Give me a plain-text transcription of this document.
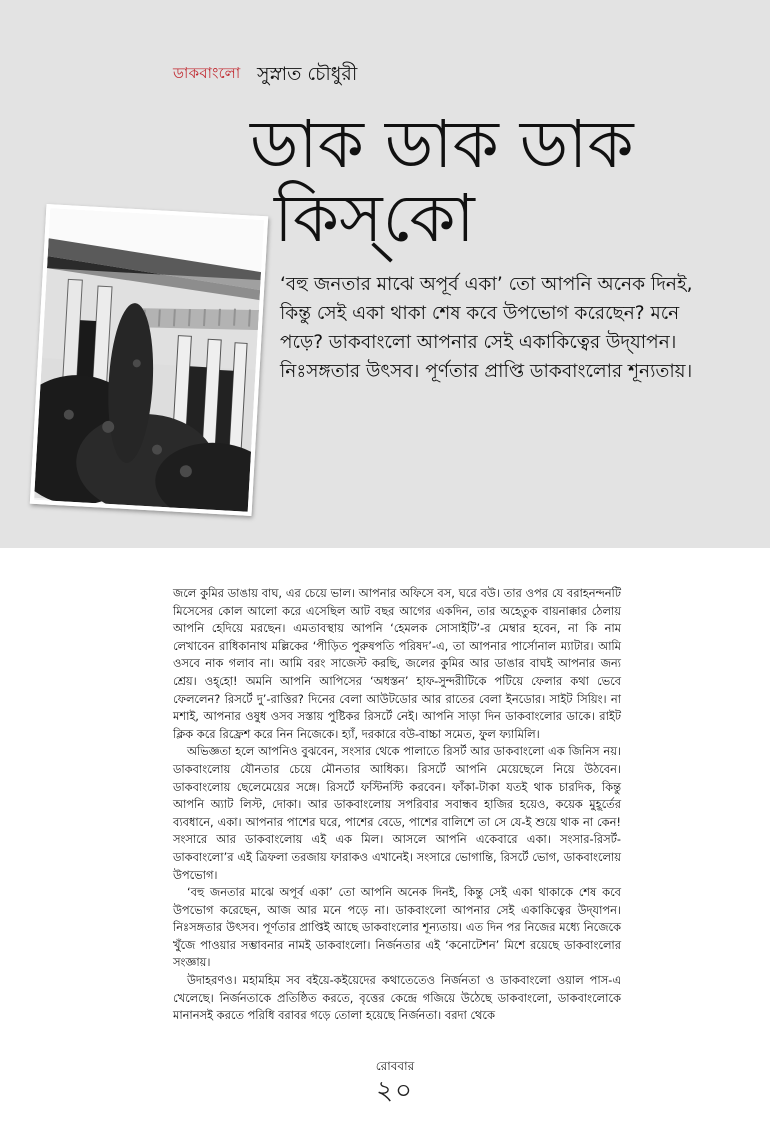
ডাকবাংলো সুস্নাত চৌধুরী
ডাক ডাক ডাক
কিস্‌কো

‘বহু জনতার মাঝে অপূর্ব একা’ তো আপনি অনেক দিনই, কিন্তু সেই একা থাকা শেষ কবে উপভোগ করেছেন? মনে পড়ে? ডাকবাংলো আপনার সেই একাকিত্বের উদ্‌যাপন। নিঃসঙ্গতার উৎসব। পূর্ণতার প্রাপ্তি ডাকবাংলোর শূন্যতায়।

জলে কুমির ডাঙায় বাঘ, এর চেয়ে ভাল। আপনার অফিসে বস, ঘরে বউ। তার ওপর যে বরাহনন্দনটি মিসেসের কোল আলো করে এসেছিল আট বছর আগের একদিন, তার অহেতুক বায়নাক্কার ঠেলায় আপনি হেদিয়ে মরছেন। এমতাবস্থায় আপনি ‘হেমলক সোসাইটি’-র মেম্বার হবেন, না কি নাম লেখাবেন রাধিকানাথ মল্লিকের ‘পীড়িত পুরুষপতি পরিষদ’-এ, তা আপনার পার্সোনাল ম্যাটার। আমি ওসবে নাক গলাব না। আমি বরং সাজেস্ট করছি, জলের কুমির আর ডাঙার বাঘই আপনার জন্য শ্রেয়। ওহ্‌হো! অমনি আপনি আপিসের ‘অধস্তন’ হাফ-সুন্দরীটিকে পটিয়ে ফেলার কথা ভেবে ফেললেন? রিসর্টে দু’-রাত্তির? দিনের বেলা আউটডোর আর রাতের বেলা ইনডোর। সাইট সিয়িং। না মশাই, আপনার ওষুধ ওসব সস্তায় পুষ্টিকর রিসর্টে নেই। আপনি সাড়া দিন ডাকবাংলোর ডাকে। রাইট ক্লিক করে রিফ্রেশ করে নিন নিজেকে। হ্যাঁ, দরকারে বউ-বাচ্চা সমেত, ফুল ফ্যামিলি।

অভিজ্ঞতা হলে আপনিও বুঝবেন, সংসার থেকে পালাতে রিসর্ট আর ডাকবাংলো এক জিনিস নয়। ডাকবাংলোয় যৌনতার চেয়ে মৌনতার আধিক্য। রিসর্টে আপনি মেয়েছেলে নিয়ে উঠবেন। ডাকবাংলোয় ছেলেমেয়ের সঙ্গে। রিসর্টে ফস্টিনস্টি করবেন। ফাঁকা-টাকা যতই থাক চারদিক, কিন্তু আপনি অ্যাট লিস্ট, দোকা। আর ডাকবাংলোয় সপরিবার সবান্ধব হাজির হয়েও, কয়েক মুহূর্তের ব্যবধানে, একা। আপনার পাশের ঘরে, পাশের বেডে, পাশের বালিশে তা সে যে-ই শুয়ে থাক না কেন! সংসারে আর ডাকবাংলোয় এই এক মিল। আসলে আপনি একেবারে একা। সংসার-রিসর্ট-ডাকবাংলো’র এই ত্রিফলা তরজায় ফারাকও এখানেই। সংসারে ভোগান্তি, রিসর্টে ভোগ, ডাকবাংলোয় উপভোগ।

‘বহু জনতার মাঝে অপূর্ব একা’ তো আপনি অনেক দিনই, কিন্তু সেই একা থাকাকে শেষ কবে উপভোগ করেছেন, আজ আর মনে পড়ে না। ডাকবাংলো আপনার সেই একাকিত্বের উদ্‌যাপন। নিঃসঙ্গতার উৎসব। পূর্ণতার প্রাপ্তিই আছে ডাকবাংলোর শূন্যতায়। এত দিন পর নিজের মধ্যে নিজেকে খুঁজে পাওয়ার সম্ভাবনার নামই ডাকবাংলো। নির্জনতার এই ‘কনোটেশন’ মিশে রয়েছে ডাকবাংলোর সংজ্ঞায়।

উদাহরণও। মহামহিম সব বইয়ে-কইয়েদের কথাতেতেও নির্জনতা ও ডাকবাংলো ওয়াল পাস-এ খেলেছে। নির্জনতাকে প্রতিষ্ঠিত করতে, বৃত্তের কেন্দ্রে গজিয়ে উঠেছে ডাকবাংলো, ডাকবাংলোকে মানানসই করতে পরিধি বরাবর গড়ে তোলা হয়েছে নির্জনতা। বরদা থেকে

রোববার
২০
